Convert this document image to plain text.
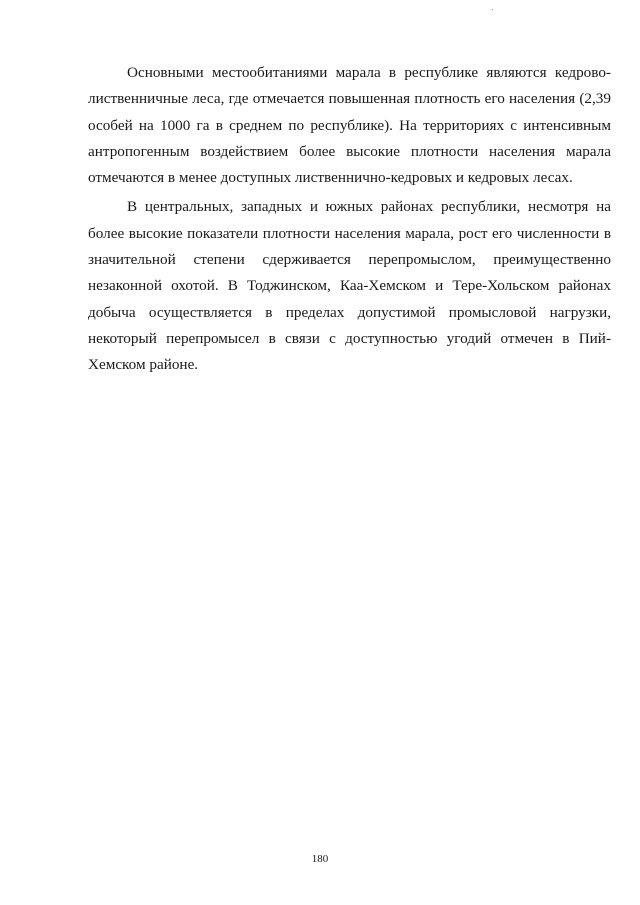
Основными местообитаниями марала в республике являются кедрово-
лиственничные леса, где отмечается повышенная плотность его населения (2,39
особей на 1000 га в среднем по республике). На территориях с интенсивным
антропогенным воздействием более высокие плотности населения марала
отмечаются в менее доступных лиственнично-кедровых и кедровых лесах.
В центральных, западных и южных районах республики, несмотря на
более высокие показатели плотности населения марала, рост его численности в
значительной степени сдерживается перепромыслом, преимущественно
незаконной охотой. В Тоджинском, Каа-Хемском и Тере-Хольском районах
добыча осуществляется в пределах допустимой промысловой нагрузки,
некоторый перепромысел в связи с доступностью угодий отмечен в Пий-
Хемском районе.
180
